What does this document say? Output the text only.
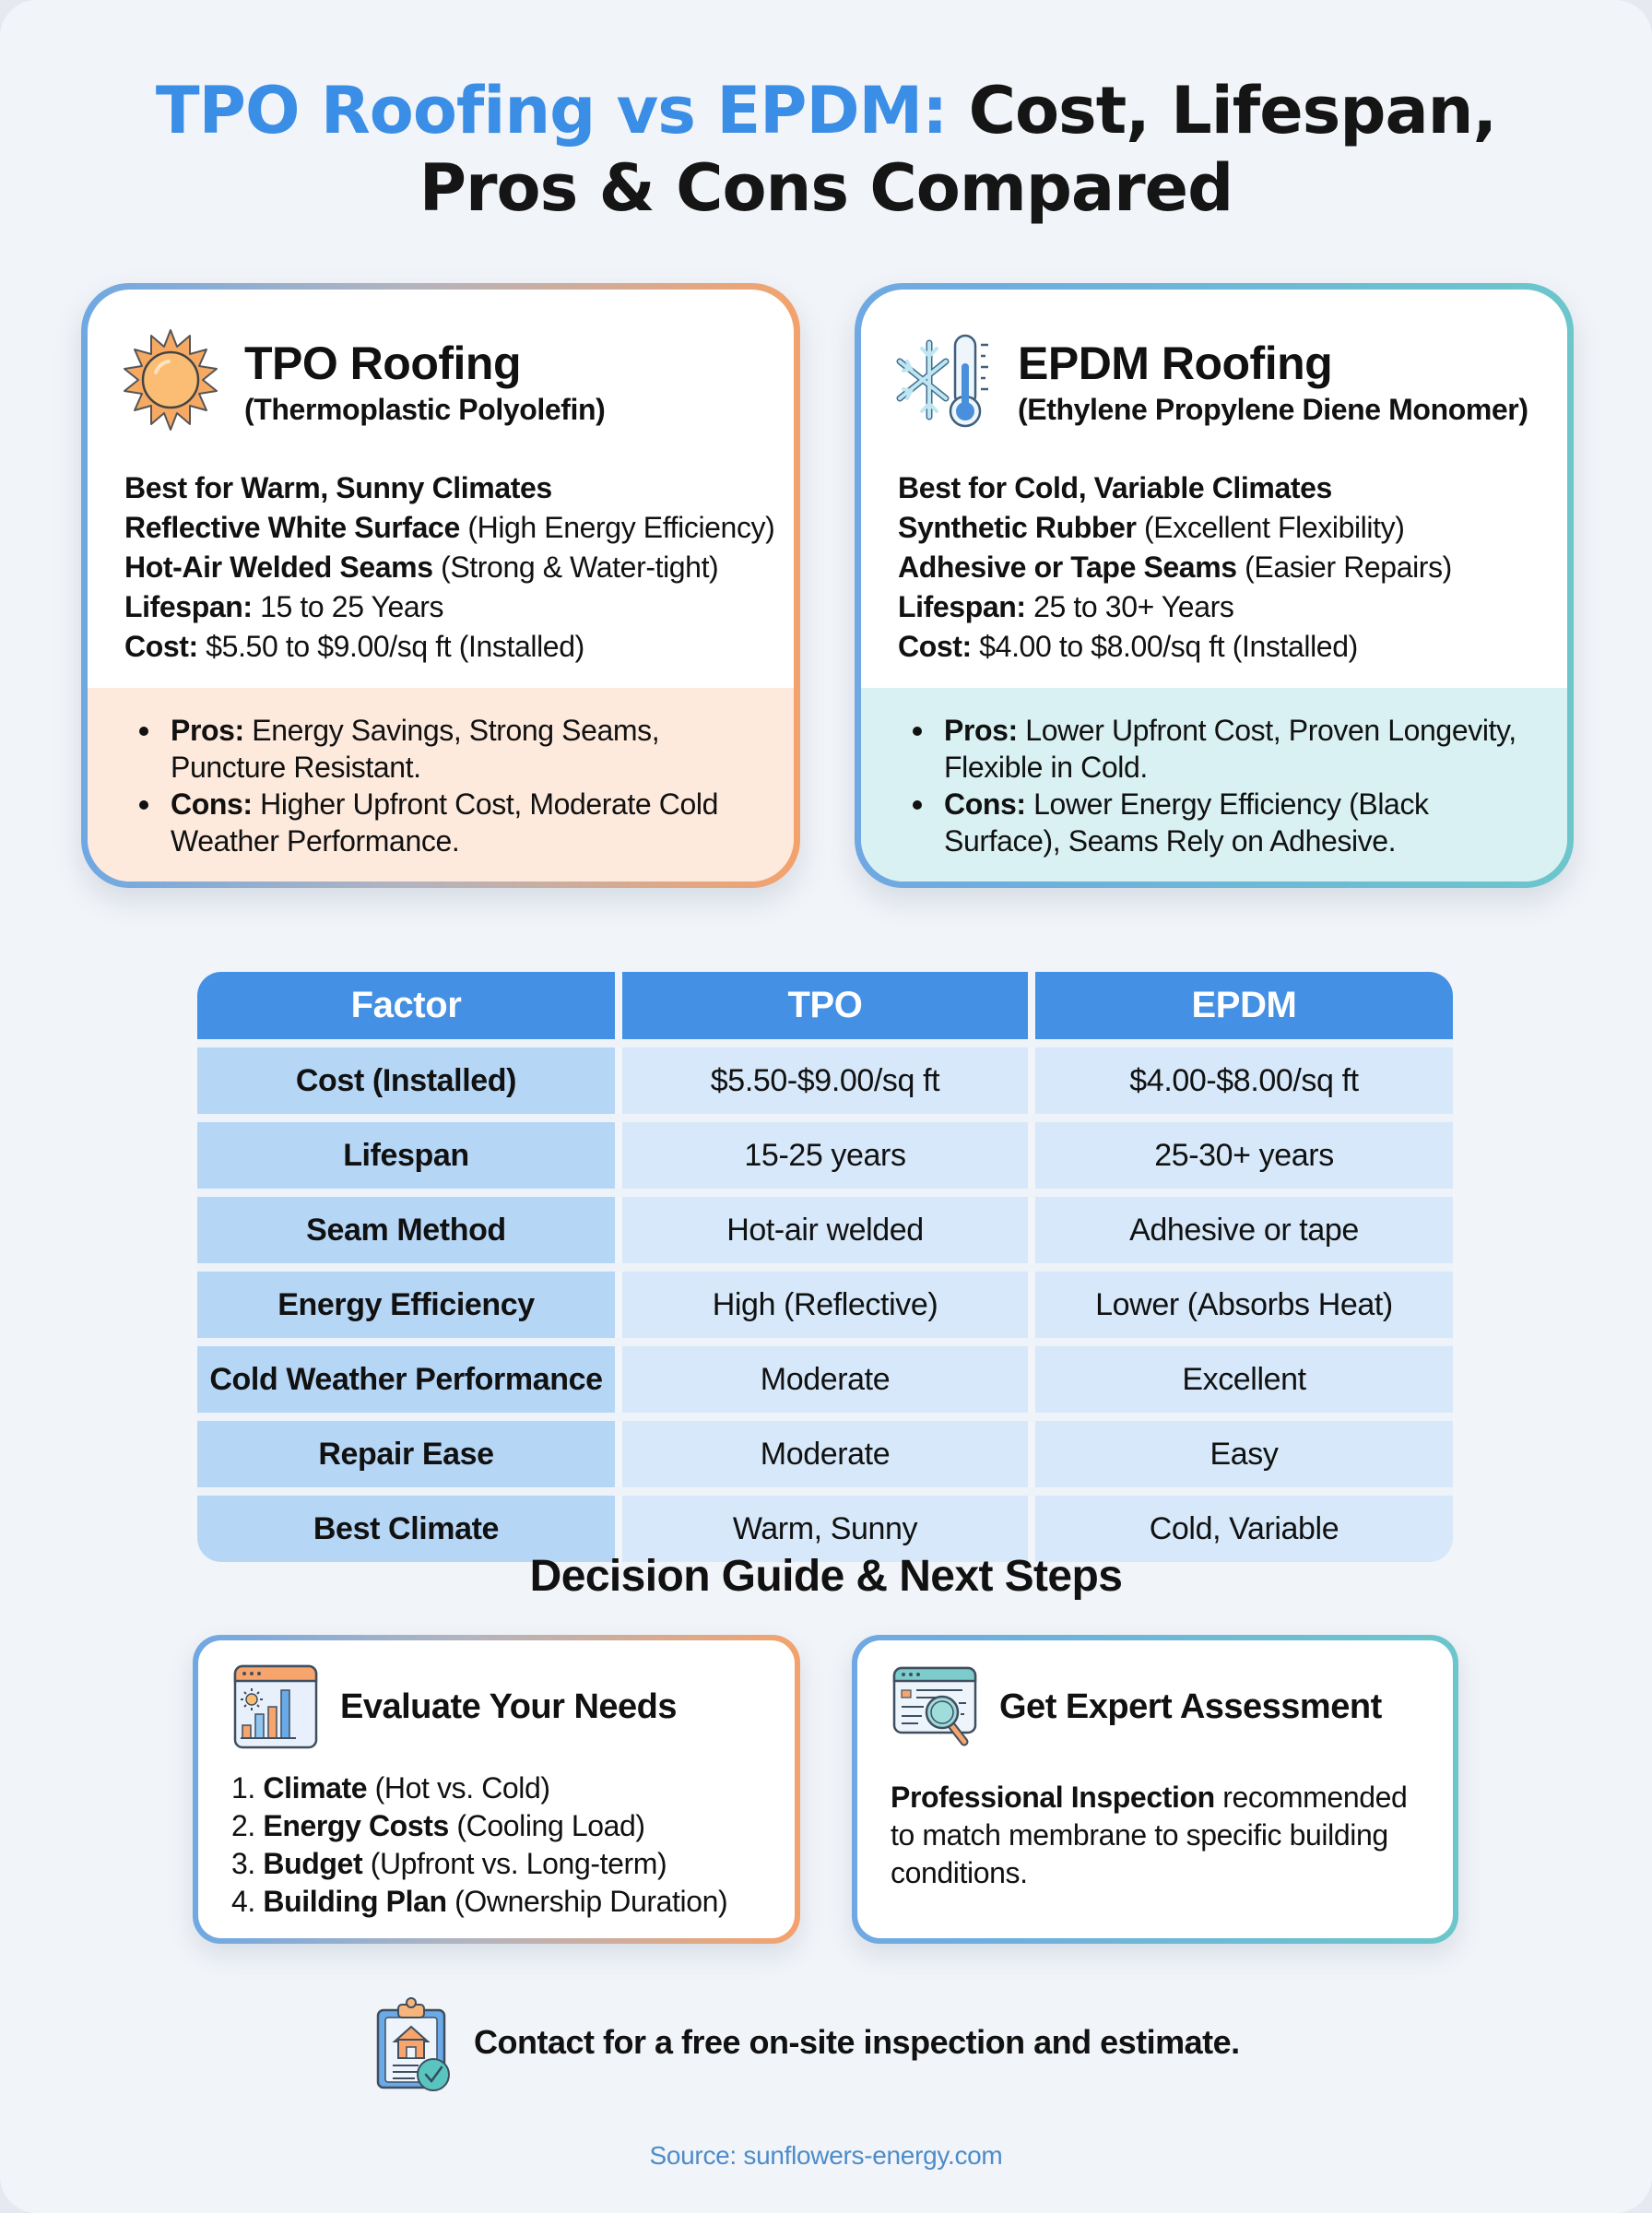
TPO Roofing vs EPDM: Cost, Lifespan,
Pros & Cons Compared
TPO Roofing
(Thermoplastic Polyolefin)
Best for Warm, Sunny Climates
Reflective White Surface (High Energy Efficiency)
Hot-Air Welded Seams (Strong & Water-tight)
Lifespan: 15 to 25 Years
Cost: $5.50 to $9.00/sq ft (Installed)
Pros: Energy Savings, Strong Seams, Puncture Resistant.
Cons: Higher Upfront Cost, Moderate Cold Weather Performance.
EPDM Roofing
(Ethylene Propylene Diene Monomer)
Best for Cold, Variable Climates
Synthetic Rubber (Excellent Flexibility)
Adhesive or Tape Seams (Easier Repairs)
Lifespan: 25 to 30+ Years
Cost: $4.00 to $8.00/sq ft (Installed)
Pros: Lower Upfront Cost, Proven Longevity, Flexible in Cold.
Cons: Lower Energy Efficiency (Black Surface), Seams Rely on Adhesive.
Factor	TPO	EPDM
Cost (Installed)	$5.50-$9.00/sq ft	$4.00-$8.00/sq ft
Lifespan	15-25 years	25-30+ years
Seam Method	Hot-air welded	Adhesive or tape
Energy Efficiency	High (Reflective)	Lower (Absorbs Heat)
Cold Weather Performance	Moderate	Excellent
Repair Ease	Moderate	Easy
Best Climate	Warm, Sunny	Cold, Variable
Decision Guide & Next Steps
Evaluate Your Needs
1. Climate (Hot vs. Cold)
2. Energy Costs (Cooling Load)
3. Budget (Upfront vs. Long-term)
4. Building Plan (Ownership Duration)
Get Expert Assessment
Professional Inspection recommended to match membrane to specific building conditions.
Contact for a free on-site inspection and estimate.
Source: sunflowers-energy.com
